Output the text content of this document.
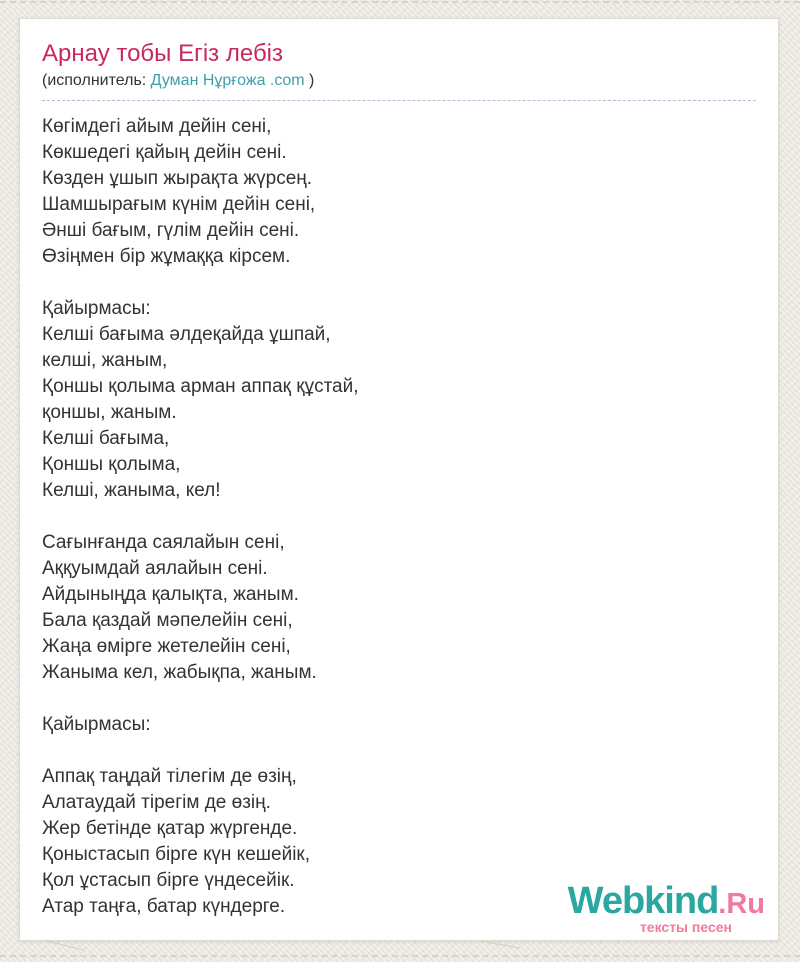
Арнау тобы Егіз лебіз
(исполнитель: Думан Нұрғожа .com )

Көгімдегі айым дейін сені,
Көкшедегі қайың дейін сені.
Көзден ұшып жырақта жүрсең.
Шамшырағым күнім дейін сені,
Әнші бағым, гүлім дейін сені.
Өзіңмен бір жұмаққа кірсем.

Қайырмасы:
Келші бағыма әлдеқайда ұшпай,
келші, жаным,
Қоншы қолыма арман аппақ құстай,
қоншы, жаным.
Келші бағыма,
Қоншы қолыма,
Келші, жаныма, кел!

Сағынғанда саялайын сені,
Аққуымдай аялайын сені.
Айдыныңда қалықта, жаным.
Бала қаздай мәпелейін сені,
Жаңа өмірге жетелейін сені,
Жаныма кел, жабықпа, жаным.

Қайырмасы:

Аппақ таңдай тілегім де өзің,
Алатаудай тірегім де өзің.
Жер бетінде қатар жүргенде.
Қоныстасып бірге күн кешейік,
Қол ұстасып бірге үндесейік.
Атар таңға, батар күндерге.	Webkind.Ru
тексты песен
